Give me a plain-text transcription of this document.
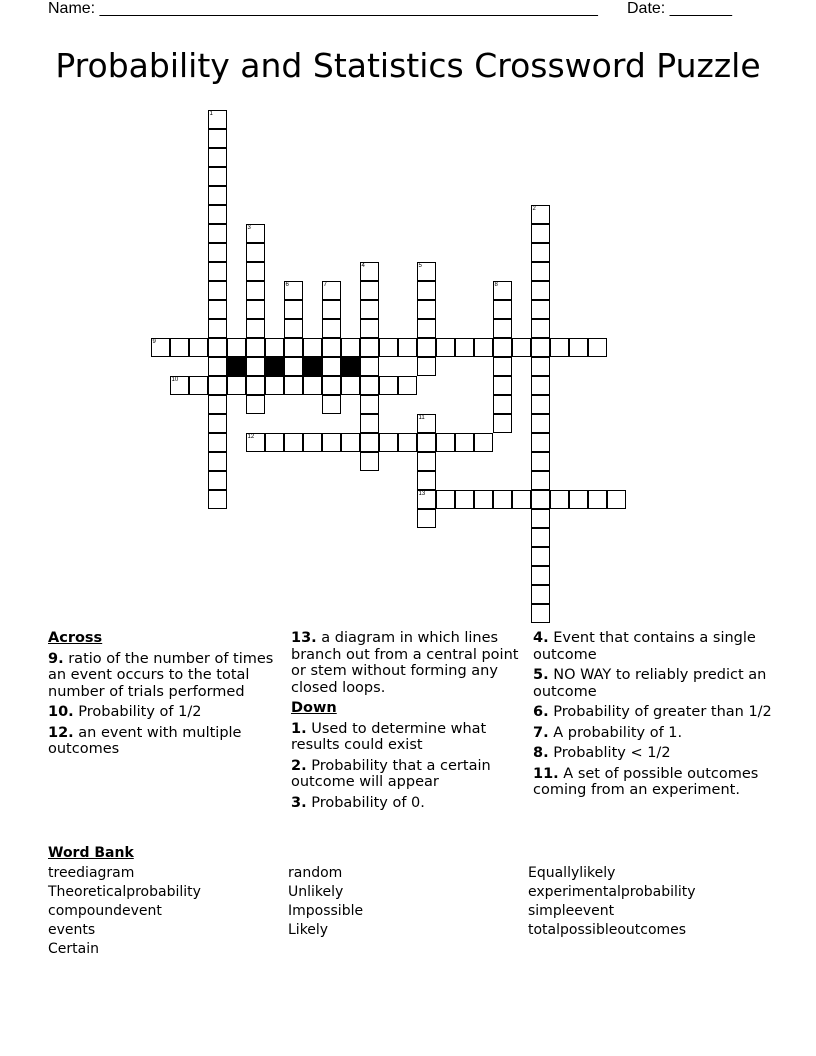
Name: ________________________________________________________ Date: _______
Probability and Statistics Crossword Puzzle
1
2
3
4	5
6	7	8
9
10
11
13
12
Across
9. ratio of the number of times an event occurs to the total number of trials performed
10. Probability of 1/2
12. an event with multiple outcomes
13. a diagram in which lines branch out from a central point or stem without forming any closed loops.
Down
1. Used to determine what results could exist
2. Probability that a certain outcome will appear
3. Probability of 0.
4. Event that contains a single outcome
5. NO WAY to reliably predict an outcome
6. Probability of greater than 1/2
7. A probability of 1.
8. Probablity < 1/2
11. A set of possible outcomes coming from an experiment.
Word Bank
treediagram
Theoreticalprobability
compoundevent
events
Certain
random
Unlikely
Impossible
Likely
Equallylikely
experimentalprobability
simpleevent
totalpossibleoutcomes
